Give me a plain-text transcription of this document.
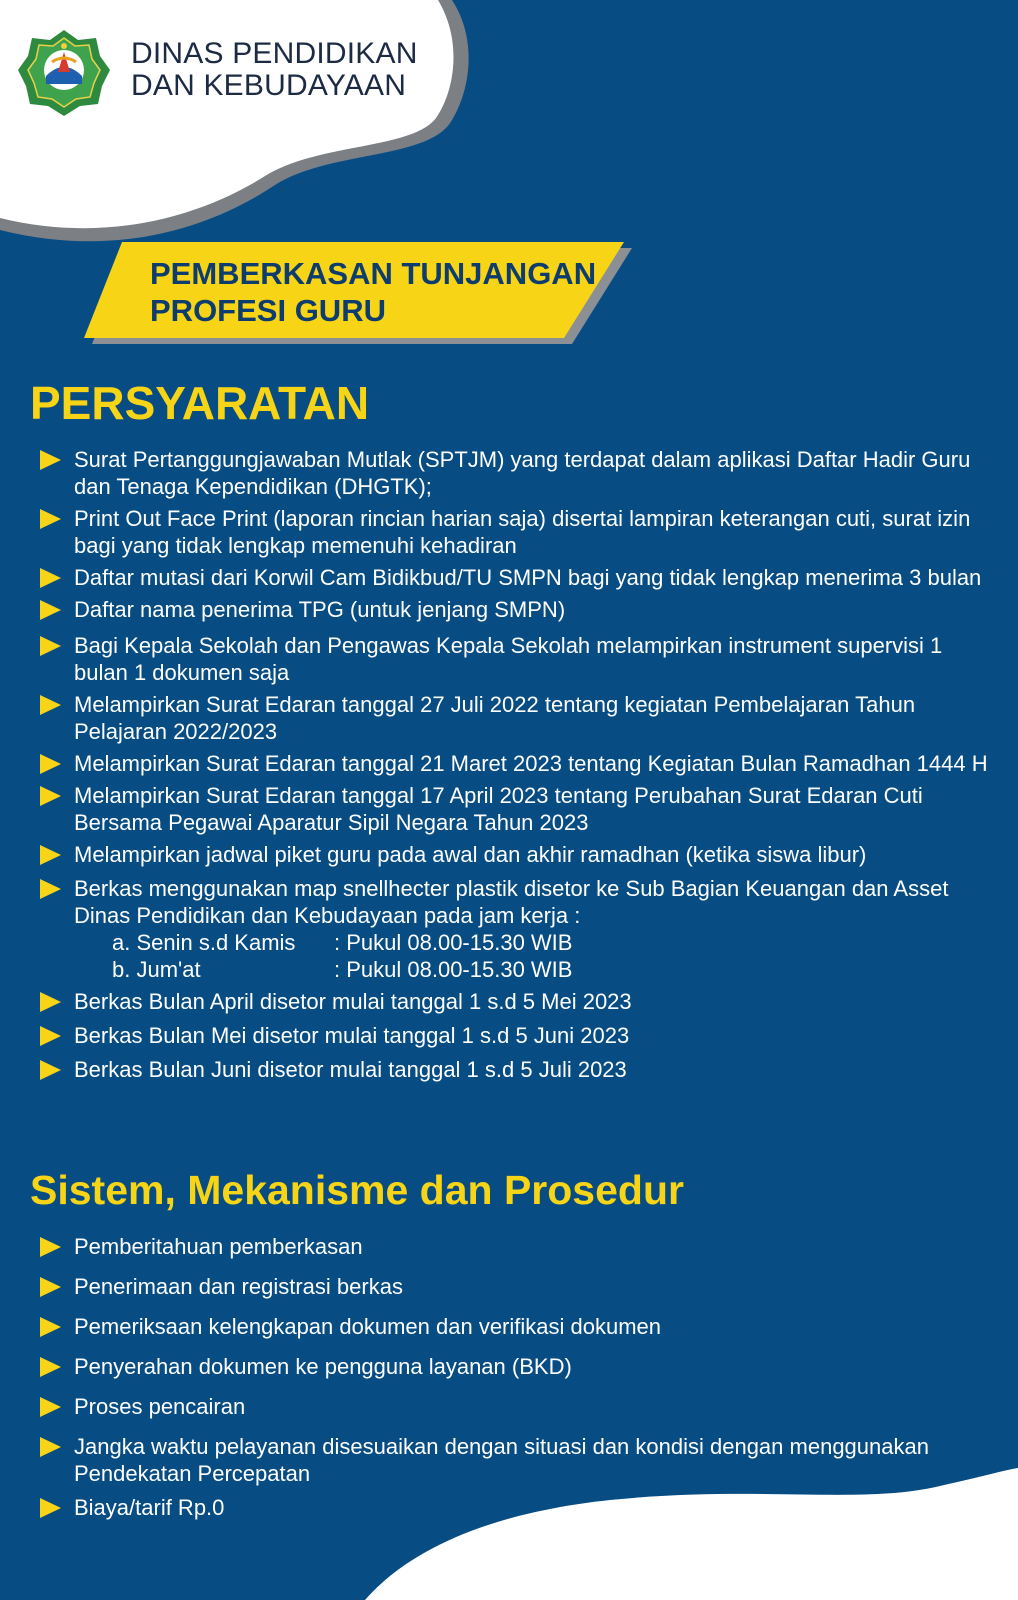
DINAS PENDIDIKAN
DAN KEBUDAYAAN
PEMBERKASAN TUNJANGAN
PROFESI GURU
PERSYARATAN
Surat Pertanggungjawaban Mutlak (SPTJM) yang terdapat dalam aplikasi Daftar Hadir Guru dan Tenaga Kependidikan (DHGTK);
Print Out Face Print (laporan rincian harian saja) disertai lampiran keterangan cuti, surat izin bagi yang tidak lengkap memenuhi kehadiran
Daftar mutasi dari Korwil Cam Bidikbud/TU SMPN bagi yang tidak lengkap menerima 3 bulan
Daftar nama penerima TPG (untuk jenjang SMPN)
Bagi Kepala Sekolah dan Pengawas Kepala Sekolah melampirkan instrument supervisi 1 bulan 1 dokumen saja
Melampirkan Surat Edaran tanggal 27 Juli 2022 tentang kegiatan Pembelajaran Tahun Pelajaran 2022/2023
Melampirkan Surat Edaran tanggal 21 Maret 2023 tentang Kegiatan Bulan Ramadhan 1444 H
Melampirkan Surat Edaran tanggal 17 April 2023 tentang Perubahan Surat Edaran Cuti Bersama Pegawai Aparatur Sipil Negara Tahun 2023
Melampirkan jadwal piket guru pada awal dan akhir ramadhan (ketika siswa libur)
Berkas menggunakan map snellhecter plastik disetor ke Sub Bagian Keuangan dan Asset Dinas Pendidikan dan Kebudayaan pada jam kerja :
a. Senin s.d Kamis : Pukul 08.00-15.30 WIB
b. Jum'at	: Pukul 08.00-15.30 WIB
Berkas Bulan April disetor mulai tanggal 1 s.d 5 Mei 2023
Berkas Bulan Mei disetor mulai tanggal 1 s.d 5 Juni 2023
Berkas Bulan Juni disetor mulai tanggal 1 s.d 5 Juli 2023
Sistem, Mekanisme dan Prosedur
Pemberitahuan pemberkasan
Penerimaan dan registrasi berkas
Pemeriksaan kelengkapan dokumen dan verifikasi dokumen
Penyerahan dokumen ke pengguna layanan (BKD)
Proses pencairan
Jangka waktu pelayanan disesuaikan dengan situasi dan kondisi dengan menggunakan Pendekatan Percepatan
Biaya/tarif Rp.0
